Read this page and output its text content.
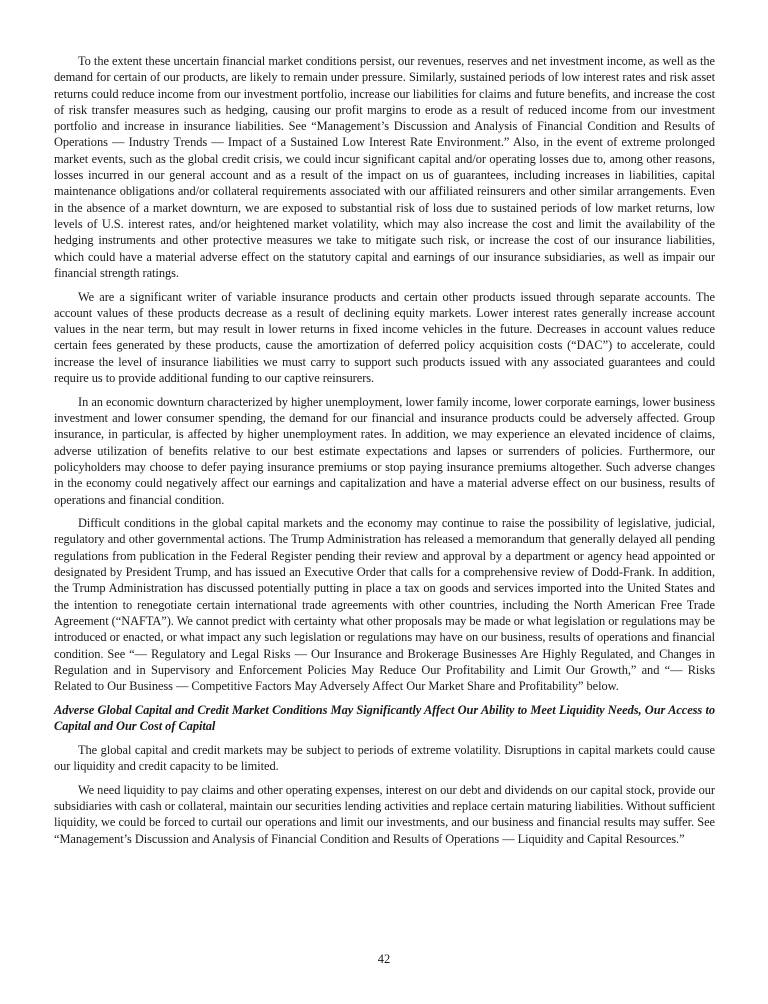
To the extent these uncertain financial market conditions persist, our revenues, reserves and net investment income, as well as the demand for certain of our products, are likely to remain under pressure. Similarly, sustained periods of low interest rates and risk asset returns could reduce income from our investment portfolio, increase our liabilities for claims and future benefits, and increase the cost of risk transfer measures such as hedging, causing our profit margins to erode as a result of reduced income from our investment portfolio and increase in insurance liabilities. See “Management’s Discussion and Analysis of Financial Condition and Results of Operations — Industry Trends — Impact of a Sustained Low Interest Rate Environment.” Also, in the event of extreme prolonged market events, such as the global credit crisis, we could incur significant capital and/or operating losses due to, among other reasons, losses incurred in our general account and as a result of the impact on us of guarantees, including increases in liabilities, capital maintenance obligations and/or collateral requirements associated with our affiliated reinsurers and other similar arrangements. Even in the absence of a market downturn, we are exposed to substantial risk of loss due to sustained periods of low market returns, low levels of U.S. interest rates, and/or heightened market volatility, which may also increase the cost and limit the availability of the hedging instruments and other protective measures we take to mitigate such risk, or increase the cost of our insurance liabilities, which could have a material adverse effect on the statutory capital and earnings of our insurance subsidiaries, as well as impair our financial strength ratings.

We are a significant writer of variable insurance products and certain other products issued through separate accounts. The account values of these products decrease as a result of declining equity markets. Lower interest rates generally increase account values in the near term, but may result in lower returns in fixed income vehicles in the future. Decreases in account values reduce certain fees generated by these products, cause the amortization of deferred policy acquisition costs (“DAC”) to accelerate, could increase the level of insurance liabilities we must carry to support such products issued with any associated guarantees and could require us to provide additional funding to our captive reinsurers.

In an economic downturn characterized by higher unemployment, lower family income, lower corporate earnings, lower business investment and lower consumer spending, the demand for our financial and insurance products could be adversely affected. Group insurance, in particular, is affected by higher unemployment rates. In addition, we may experience an elevated incidence of claims, adverse utilization of benefits relative to our best estimate expectations and lapses or surrenders of policies. Furthermore, our policyholders may choose to defer paying insurance premiums or stop paying insurance premiums altogether. Such adverse changes in the economy could negatively affect our earnings and capitalization and have a material adverse effect on our business, results of operations and financial condition.

Difficult conditions in the global capital markets and the economy may continue to raise the possibility of legislative, judicial, regulatory and other governmental actions. The Trump Administration has released a memorandum that generally delayed all pending regulations from publication in the Federal Register pending their review and approval by a department or agency head appointed or designated by President Trump, and has issued an Executive Order that calls for a comprehensive review of Dodd-Frank. In addition, the Trump Administration has discussed potentially putting in place a tax on goods and services imported into the United States and the intention to renegotiate certain international trade agreements with other countries, including the North American Free Trade Agreement (“NAFTA”). We cannot predict with certainty what other proposals may be made or what legislation or regulations may be introduced or enacted, or what impact any such legislation or regulations may have on our business, results of operations and financial condition. See “— Regulatory and Legal Risks — Our Insurance and Brokerage Businesses Are Highly Regulated, and Changes in Regulation and in Supervisory and Enforcement Policies May Reduce Our Profitability and Limit Our Growth,” and “— Risks Related to Our Business — Competitive Factors May Adversely Affect Our Market Share and Profitability” below.

Adverse Global Capital and Credit Market Conditions May Significantly Affect Our Ability to Meet Liquidity Needs, Our Access to Capital and Our Cost of Capital

The global capital and credit markets may be subject to periods of extreme volatility. Disruptions in capital markets could cause our liquidity and credit capacity to be limited.

We need liquidity to pay claims and other operating expenses, interest on our debt and dividends on our capital stock, provide our subsidiaries with cash or collateral, maintain our securities lending activities and replace certain maturing liabilities. Without sufficient liquidity, we could be forced to curtail our operations and limit our investments, and our business and financial results may suffer. See “Management’s Discussion and Analysis of Financial Condition and Results of Operations — Liquidity and Capital Resources.”

42
